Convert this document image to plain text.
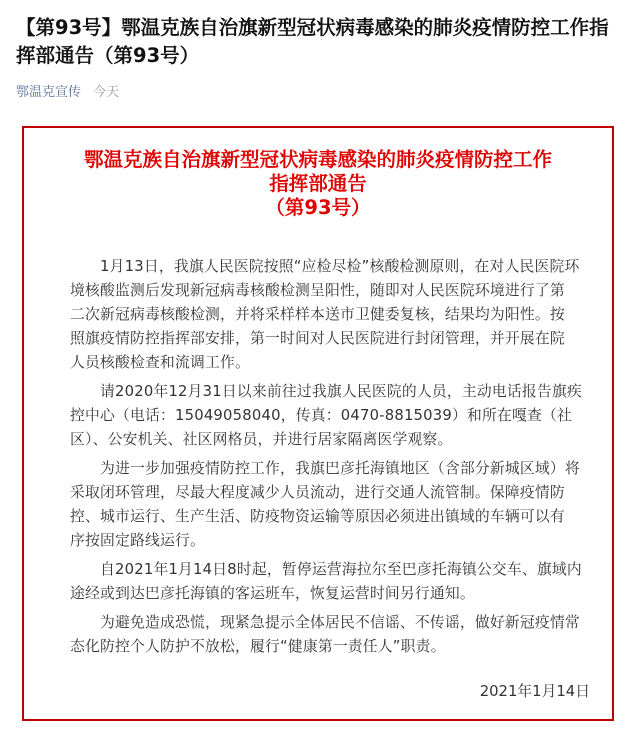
【第93号】鄂温克族自治旗新型冠状病毒感染的肺炎疫情防控工作指挥部通告（第93号）
鄂温克宣传 今天
鄂温克族自治旗新型冠状病毒感染的肺炎疫情防控工作
指挥部通告
（第93号）

　　1月13日，我旗人民医院按照“应检尽检”核酸检测原则，在对人民医院环
境核酸监测后发现新冠病毒核酸检测呈阳性，随即对人民医院环境进行了第
二次新冠病毒核酸检测，并将采样样本送市卫健委复核，结果均为阳性。按
照旗疫情防控指挥部安排，第一时间对人民医院进行封闭管理，并开展在院
人员核酸检查和流调工作。

　　请2020年12月31日以来前往过我旗人民医院的人员，主动电话报告旗疾
控中心（电话：15049058040，传真：0470-8815039）和所在嘎查（社
区）、公安机关、社区网格员，并进行居家隔离医学观察。

　　为进一步加强疫情防控工作，我旗巴彦托海镇地区（含部分新城区域）将
采取闭环管理，尽最大程度减少人员流动，进行交通人流管制。保障疫情防
控、城市运行、生产生活、防疫物资运输等原因必须进出镇域的车辆可以有
序按固定路线运行。

　　自2021年1月14日8时起，暂停运营海拉尔至巴彦托海镇公交车、旗域内
途经或到达巴彦托海镇的客运班车，恢复运营时间另行通知。

　　为避免造成恐慌，现紧急提示全体居民不信谣、不传谣，做好新冠疫情常
态化防控个人防护不放松，履行“健康第一责任人”职责。

2021年1月14日
